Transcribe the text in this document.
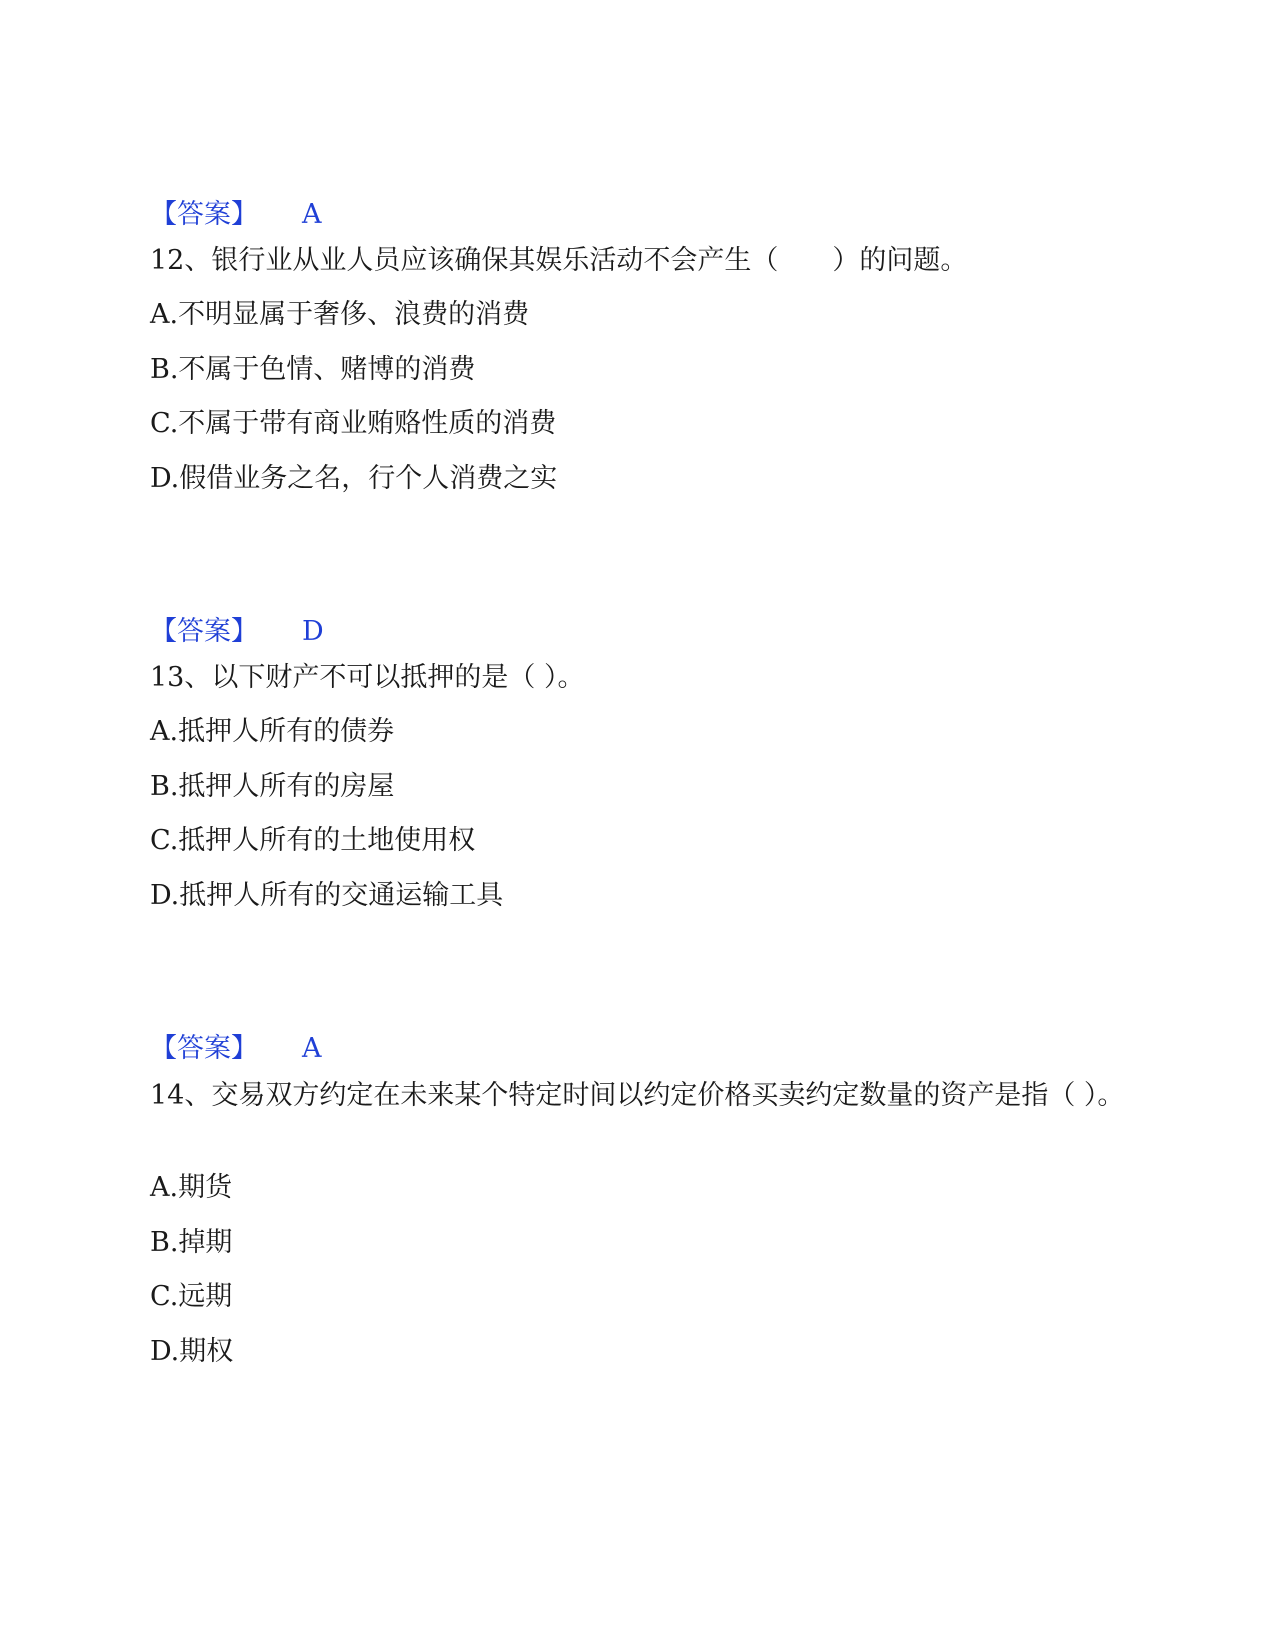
【答案】 A
12、银行业从业人员应该确保其娱乐活动不会产生（　　）的问题。
A.不明显属于奢侈、浪费的消费
B.不属于色情、赌博的消费
C.不属于带有商业贿赂性质的消费
D.假借业务之名，行个人消费之实
【答案】 D
13、以下财产不可以抵押的是（ ）。
A.抵押人所有的债券
B.抵押人所有的房屋
C.抵押人所有的土地使用权
D.抵押人所有的交通运输工具
【答案】 A
14、交易双方约定在未来某个特定时间以约定价格买卖约定数量的资产是指（ ）。
A.期货
B.掉期
C.远期
D.期权
